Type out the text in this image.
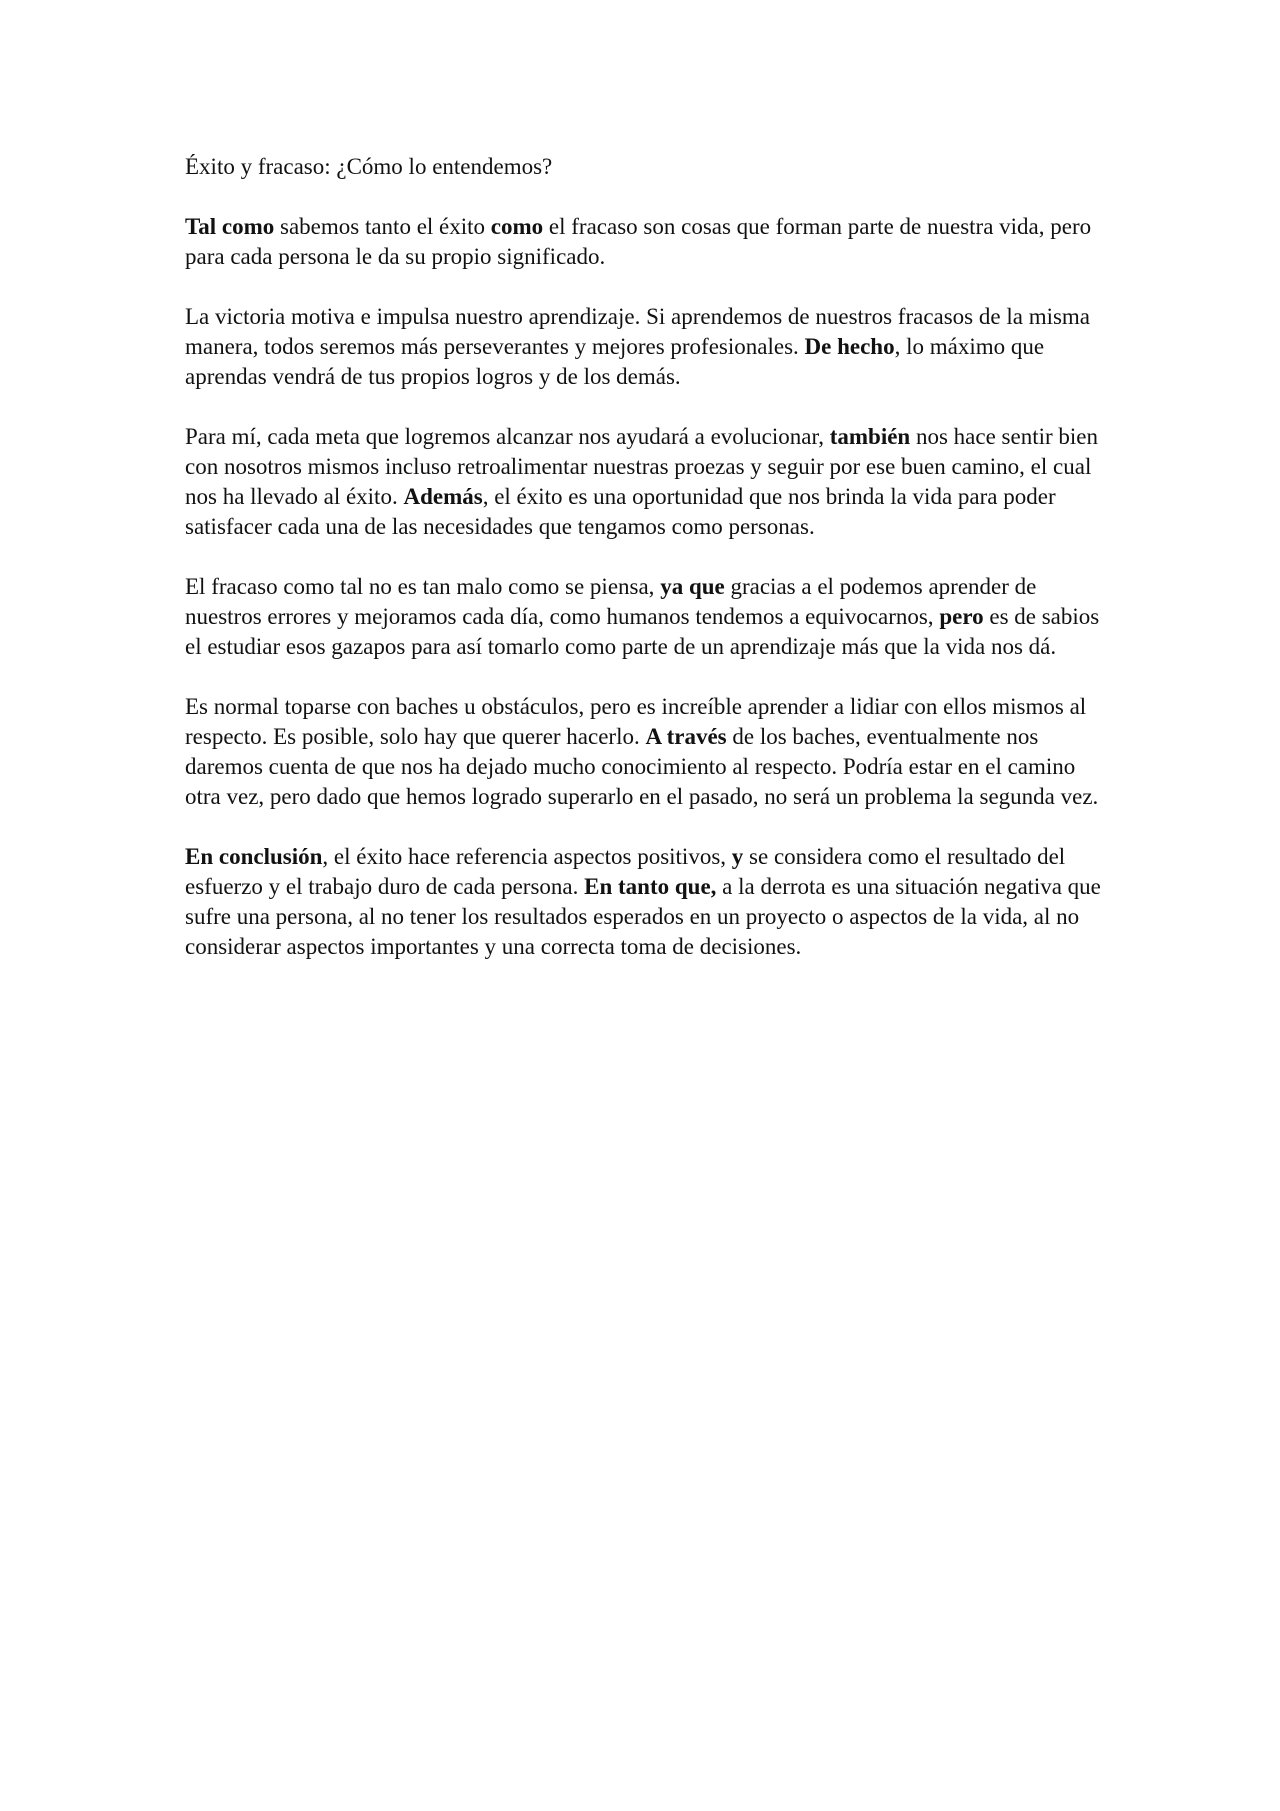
Éxito y fracaso: ¿Cómo lo entendemos?

Tal como sabemos tanto el éxito como el fracaso son cosas que forman parte de nuestra vida, pero para cada persona le da su propio significado.

La victoria motiva e impulsa nuestro aprendizaje. Si aprendemos de nuestros fracasos de la misma manera, todos seremos más perseverantes y mejores profesionales. De hecho, lo máximo que aprendas vendrá de tus propios logros y de los demás.

Para mí, cada meta que logremos alcanzar nos ayudará a evolucionar, también nos hace sentir bien con nosotros mismos incluso retroalimentar nuestras proezas y seguir por ese buen camino, el cual nos ha llevado al éxito. Además, el éxito es una oportunidad que nos brinda la vida para poder satisfacer cada una de las necesidades que tengamos como personas.

El fracaso como tal no es tan malo como se piensa, ya que gracias a el podemos aprender de nuestros errores y mejoramos cada día, como humanos tendemos a equivocarnos, pero es de sabios el estudiar esos gazapos para así tomarlo como parte de un aprendizaje más que la vida nos dá.

Es normal toparse con baches u obstáculos, pero es increíble aprender a lidiar con ellos mismos al respecto. Es posible, solo hay que querer hacerlo. A través de los baches, eventualmente nos daremos cuenta de que nos ha dejado mucho conocimiento al respecto. Podría estar en el camino otra vez, pero dado que hemos logrado superarlo en el pasado, no será un problema la segunda vez.

En conclusión, el éxito hace referencia aspectos positivos, y se considera como el resultado del esfuerzo y el trabajo duro de cada persona. En tanto que, a la derrota es una situación negativa que sufre una persona, al no tener los resultados esperados en un proyecto o aspectos de la vida, al no considerar aspectos importantes y una correcta toma de decisiones.
